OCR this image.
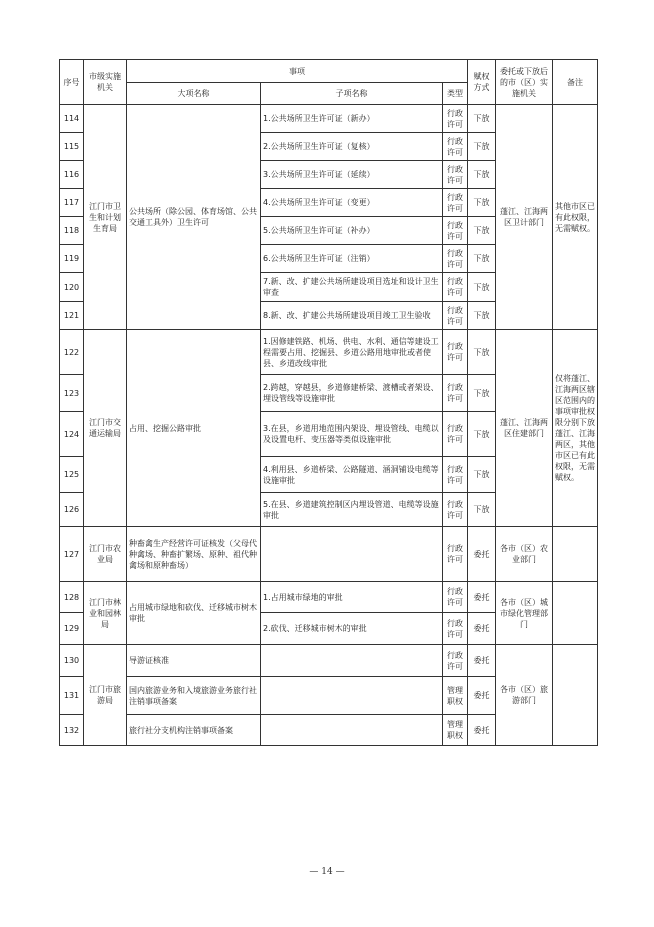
序号	市级实施机关	事项			赋权方式	委托或下放后的市（区）实施机关	备注
		大项名称	子项名称	类型			
114	江门市卫生和计划生育局	公共场所（除公园、体育场馆、公共交通工具外）卫生许可	1.公共场所卫生许可证（新办）	行政许可	下放	蓬江、江海两区卫计部门	其他市区已有此权限，无需赋权。
115			2.公共场所卫生许可证（复核）	行政许可	下放		
116			3.公共场所卫生许可证（延续）	行政许可	下放		
117			4.公共场所卫生许可证（变更）	行政许可	下放		
118			5.公共场所卫生许可证（补办）	行政许可	下放		
119			6.公共场所卫生许可证（注销）	行政许可	下放		
120			7.新、改、扩建公共场所建设项目选址和设计卫生审查	行政许可	下放		
121			8.新、改、扩建公共场所建设项目竣工卫生验收	行政许可	下放		
122	江门市交通运输局	占用、挖掘公路审批	1.因修建铁路、机场、供电、水利、通信等建设工程需要占用、挖掘县、乡道公路用地审批或者使县、乡道改线审批	行政许可	下放	蓬江、江海两区住建部门	仅将蓬江、江海两区辖区范围内的事项审批权限分别下放蓬江、江海两区，其他市区已有此权限，无需赋权。
123			2.跨越，穿越县，乡道修建桥梁、渡槽或者架设、埋设管线等设施审批	行政许可	下放		
124			3.在县，乡道用地范围内架设、埋设管线、电缆以及设置电杆、变压器等类似设施审批	行政许可	下放		
125			4.利用县、乡道桥梁、公路隧道、涵洞铺设电缆等设施审批	行政许可	下放		
126			5.在县、乡道建筑控制区内埋设管道、电缆等设施审批	行政许可	下放		
127	江门市农业局	种畜禽生产经营许可证核发（父母代种禽场、种畜扩繁场、原种、祖代种禽场和原种畜场）		行政许可	委托	各市（区）农业部门	
128	江门市林业和园林局	占用城市绿地和砍伐、迁移城市树木审批	1.占用城市绿地的审批	行政许可	委托	各市（区）城市绿化管理部门	
129			2.砍伐、迁移城市树木的审批	行政许可	委托		
130	江门市旅游局	导游证核准		行政许可	委托	各市（区）旅游部门	
131		国内旅游业务和入境旅游业务旅行社注销事项备案		管理职权	委托		
132		旅行社分支机构注销事项备案		管理职权	委托		
— 14 —
